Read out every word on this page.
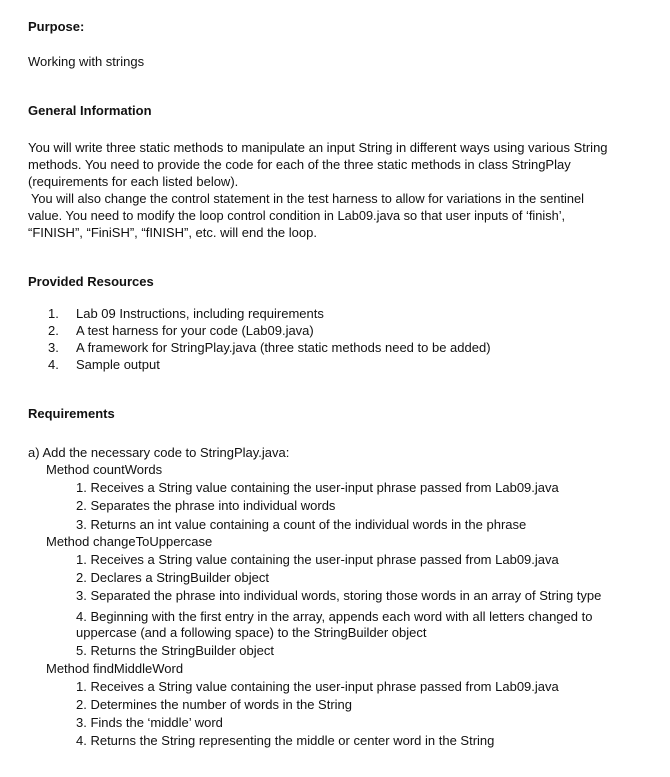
Purpose:
Working with strings
General Information
You will write three static methods to manipulate an input String in different ways using various String
methods. You need to provide the code for each of the three static methods in class StringPlay
(requirements for each listed below).
You will also change the control statement in the test harness to allow for variations in the sentinel
value. You need to modify the loop control condition in Lab09.java so that user inputs of ‘finish’,
“FINISH”, “FiniSH”, “fINISH”, etc. will end the loop.
Provided Resources
1. Lab 09 Instructions, including requirements
2. A test harness for your code (Lab09.java)
3. A framework for StringPlay.java (three static methods need to be added)
4. Sample output
Requirements
a) Add the necessary code to StringPlay.java:
Method countWords
1. Receives a String value containing the user-input phrase passed from Lab09.java
2. Separates the phrase into individual words
3. Returns an int value containing a count of the individual words in the phrase
Method changeToUppercase
1. Receives a String value containing the user-input phrase passed from Lab09.java
2. Declares a StringBuilder object
3. Separated the phrase into individual words, storing those words in an array of String type
4. Beginning with the first entry in the array, appends each word with all letters changed to
uppercase (and a following space) to the StringBuilder object
5. Returns the StringBuilder object
Method findMiddleWord
1. Receives a String value containing the user-input phrase passed from Lab09.java
2. Determines the number of words in the String
3. Finds the ‘middle’ word
4. Returns the String representing the middle or center word in the String
